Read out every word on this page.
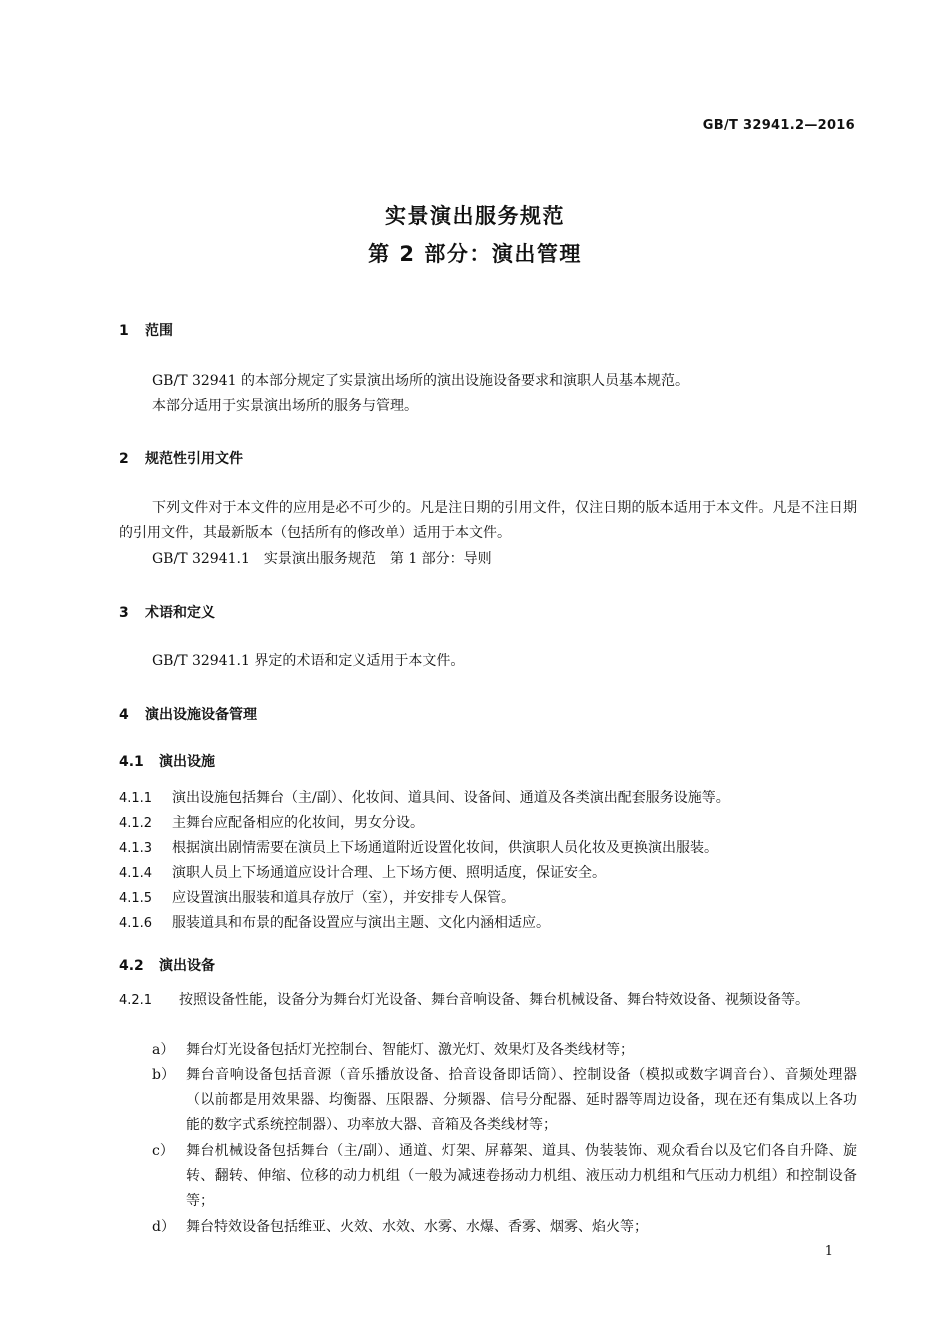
GB/T 32941.2—2016
实景演出服务规范
第 2 部分：演出管理
1 范围
GB/T 32941 的本部分规定了实景演出场所的演出设施设备要求和演职人员基本规范。
本部分适用于实景演出场所的服务与管理。
2 规范性引用文件
下列文件对于本文件的应用是必不可少的。凡是注日期的引用文件，仅注日期的版本适用于本文件。凡是不注日期的引用文件，其最新版本（包括所有的修改单）适用于本文件。
GB/T 32941.1　实景演出服务规范　第 1 部分：导则
3 术语和定义
GB/T 32941.1 界定的术语和定义适用于本文件。
4 演出设施设备管理
4.1 演出设施
4.1.1 演出设施包括舞台（主/副）、化妆间、道具间、设备间、通道及各类演出配套服务设施等。
4.1.2 主舞台应配备相应的化妆间，男女分设。
4.1.3 根据演出剧情需要在演员上下场通道附近设置化妆间，供演职人员化妆及更换演出服装。
4.1.4 演职人员上下场通道应设计合理、上下场方便、照明适度，保证安全。
4.1.5 应设置演出服装和道具存放厅（室），并安排专人保管。
4.1.6 服装道具和布景的配备设置应与演出主题、文化内涵相适应。
4.2 演出设备
4.2.1 按照设备性能，设备分为舞台灯光设备、舞台音响设备、舞台机械设备、舞台特效设备、视频设备等。
a） 舞台灯光设备包括灯光控制台、智能灯、激光灯、效果灯及各类线材等；
b） 舞台音响设备包括音源（音乐播放设备、拾音设备即话筒）、控制设备（模拟或数字调音台）、音频处理器（以前都是用效果器、均衡器、压限器、分频器、信号分配器、延时器等周边设备，现在还有集成以上各功能的数字式系统控制器）、功率放大器、音箱及各类线材等；
c） 舞台机械设备包括舞台（主/副）、通道、灯架、屏幕架、道具、伪装装饰、观众看台以及它们各自升降、旋转、翻转、伸缩、位移的动力机组（一般为减速卷扬动力机组、液压动力机组和气压动力机组）和控制设备等；
d） 舞台特效设备包括维亚、火效、水效、水雾、水爆、香雾、烟雾、焰火等；
1
